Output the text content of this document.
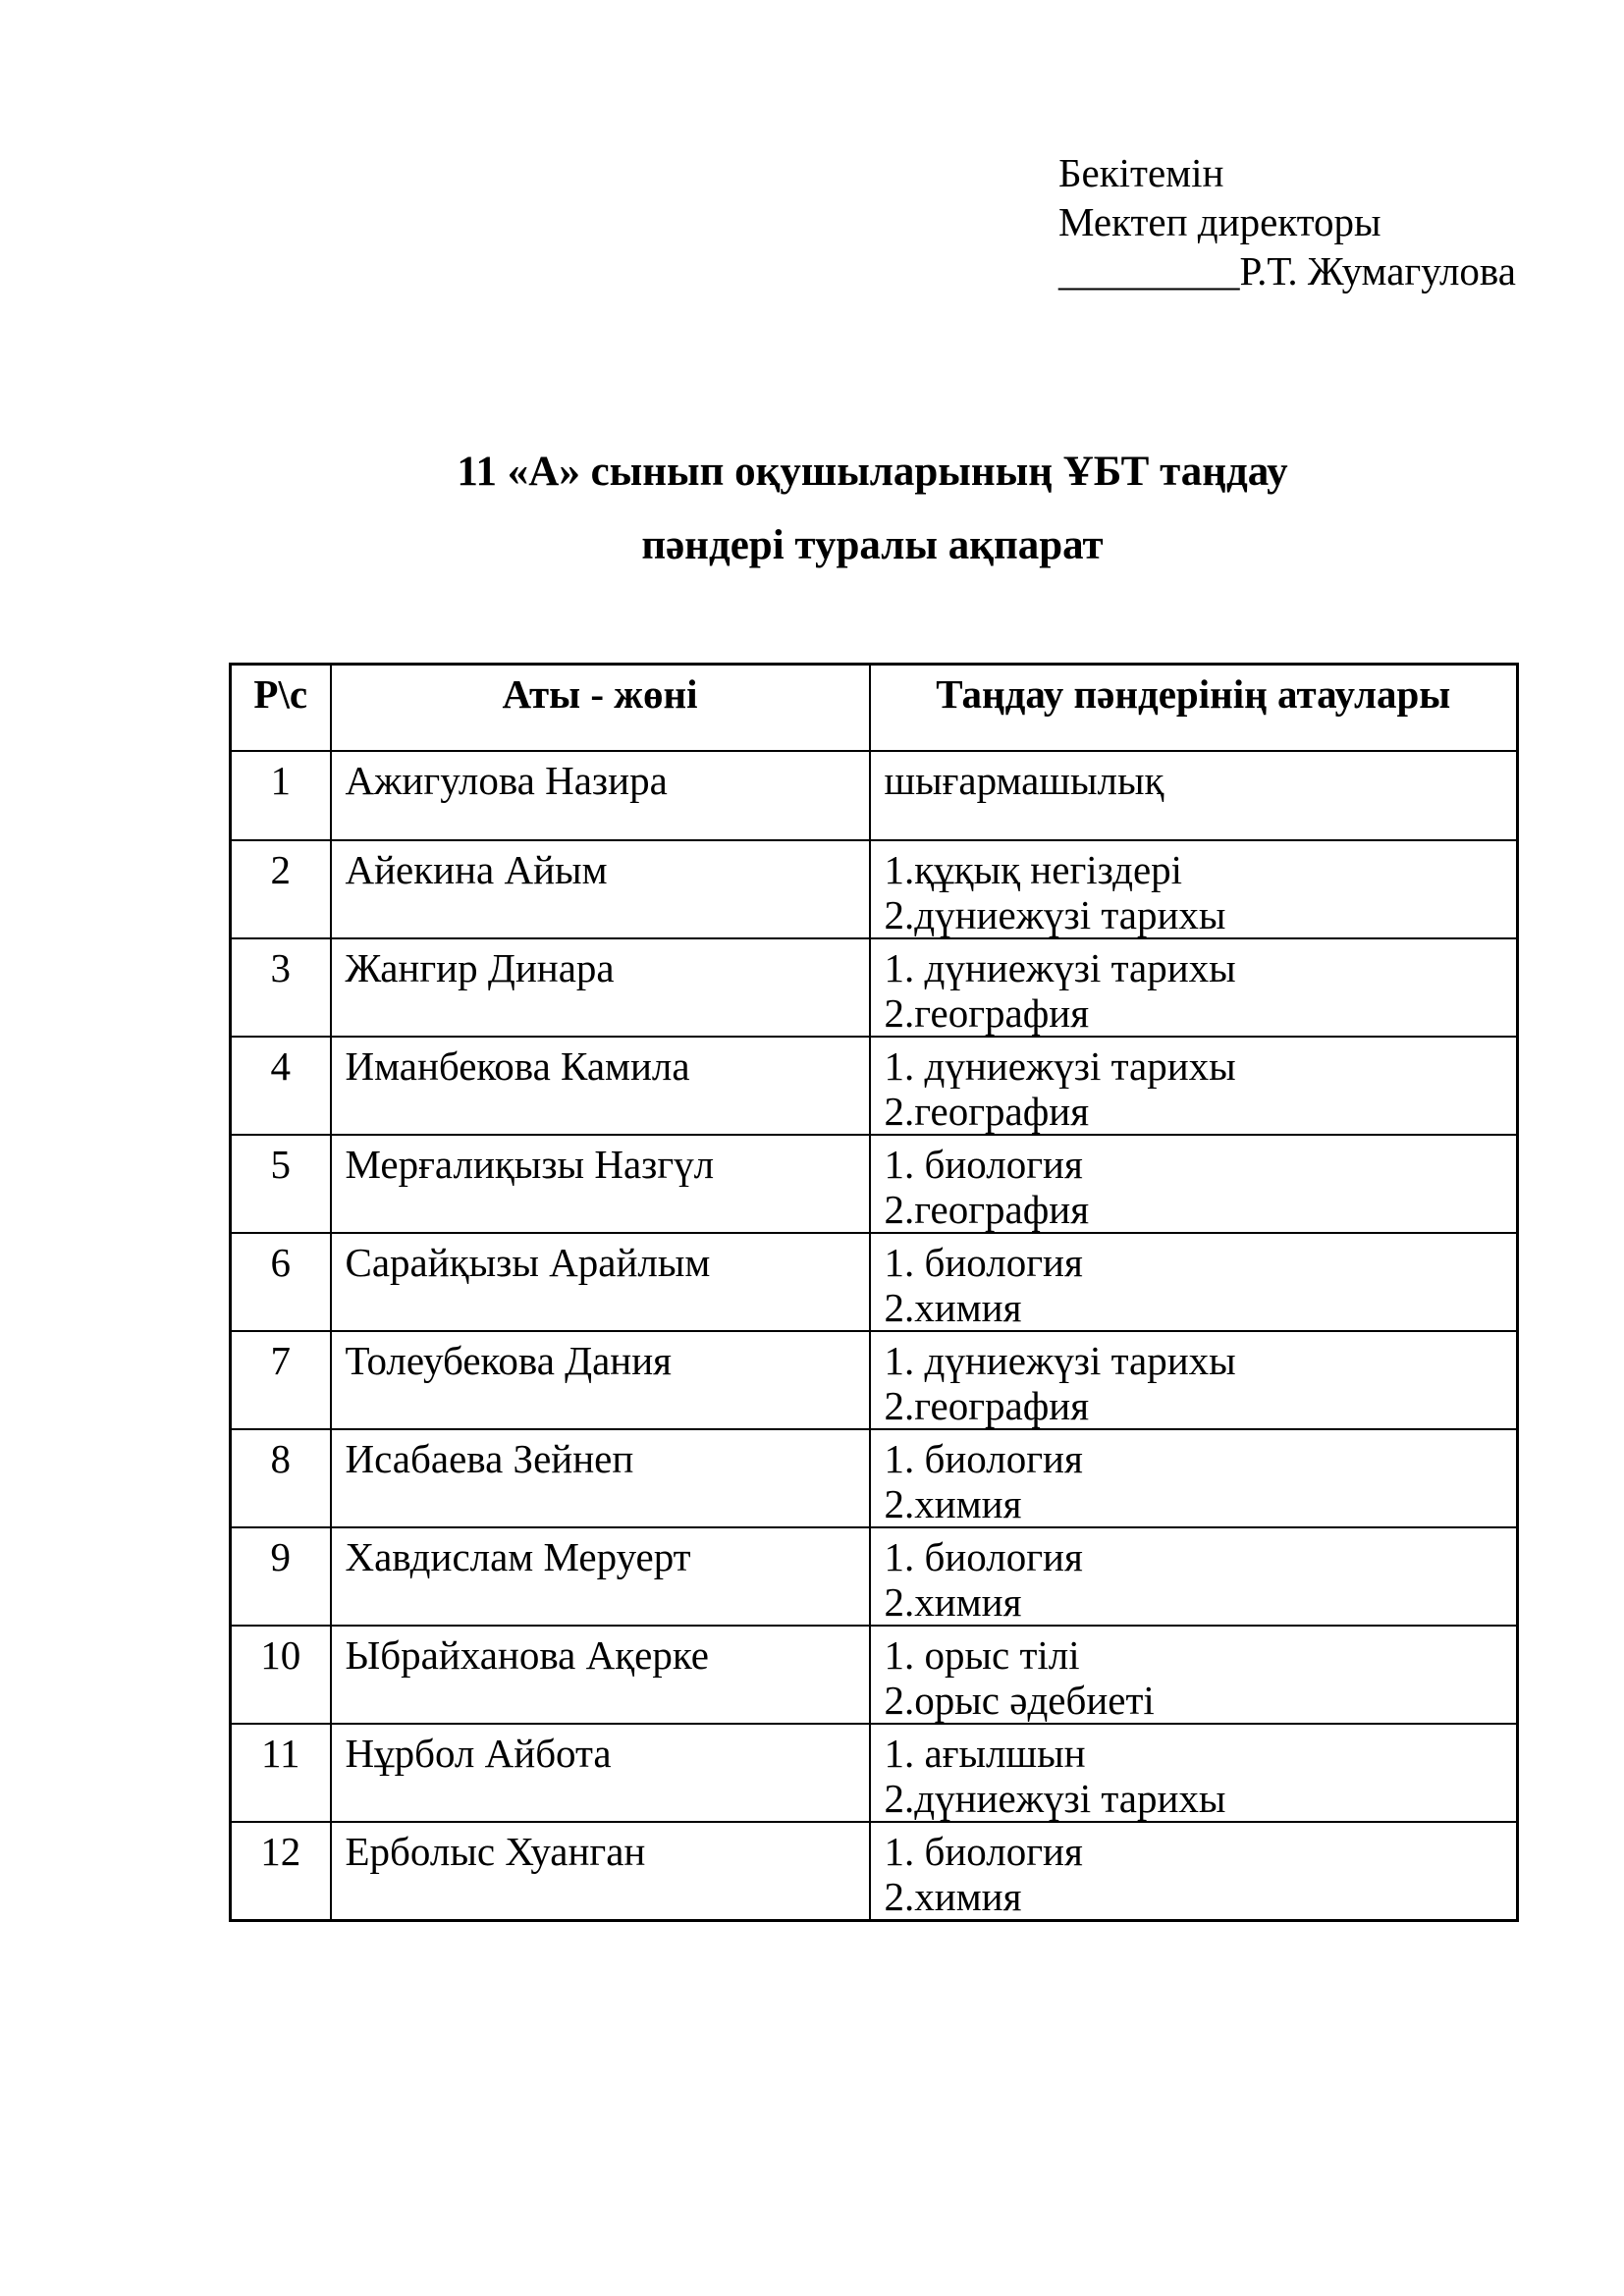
Бекітемін
Мектеп директоры
_________Р.Т. Жумагулова
11 «А» сынып оқушыларының ҰБТ таңдау
пәндері туралы ақпарат
Р\с	Аты - жөні	Таңдау пәндерінің атаулары
1	Ажигулова Назира	шығармашылық

2	Айекина Айым	1.құқық негіздері
2.дүниежүзі тарихы

3	Жангир Динара	1. дүниежүзі тарихы
2.география

4	Иманбекова Камила	1. дүниежүзі тарихы
2.география

5	Мерғалиқызы Назгүл	1. биология
2.география

6	Сарайқызы Арайлым	1. биология
2.химия

7	Толеубекова Дания	1. дүниежүзі тарихы
2.география

8	Исабаева Зейнеп	1. биология
2.химия

9	Хавдислам Меруерт	1. биология
2.химия

10	Ыбрайханова Ақерке	1. орыс тілі
2.орыс әдебиеті

11	Нұрбол Айбота	1. ағылшын
2.дүниежүзі тарихы

12	Ерболыс Хуанган	1. биология
2.химия
